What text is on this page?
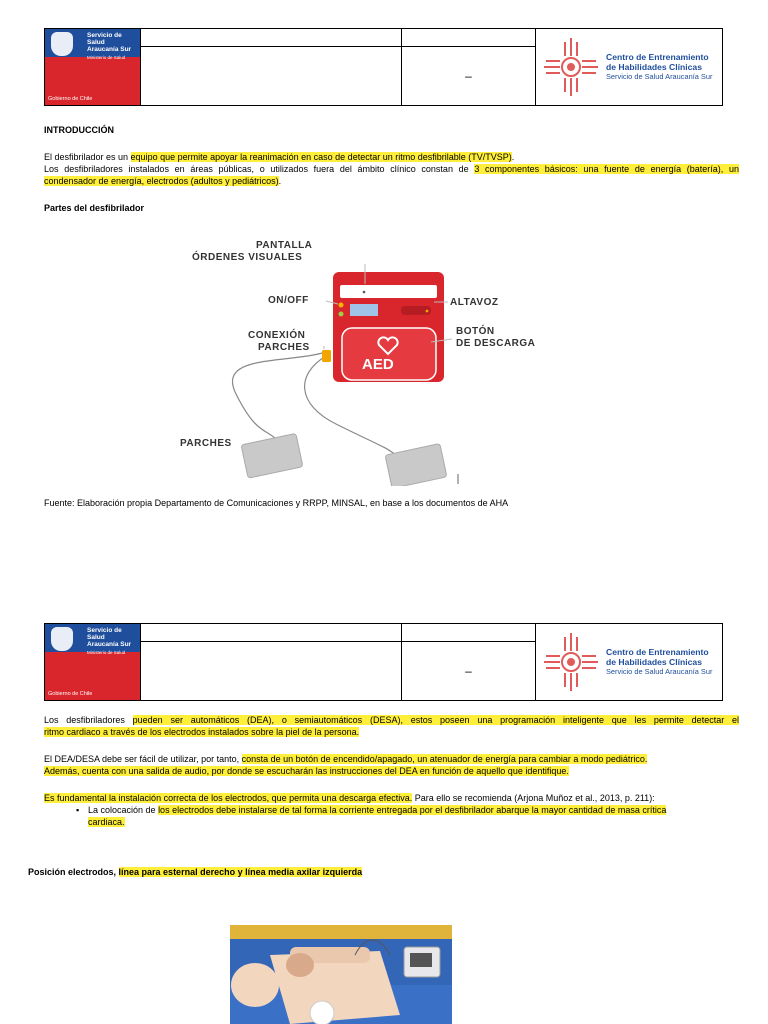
Servicio de
Salud
Araucanía Sur
Ministerio de Salud
Gobierno de Chile
–
Centro de Entrenamiento
de Habilidades Clínicas
Servicio de Salud Araucanía Sur
INTRODUCCIÓN
El desfibrilador es un equipo que permite apoyar la reanimación en caso de detectar un ritmo desfibrilable (TV/TVSP).
Los desfibriladores instalados en áreas públicas, o utilizados fuera del ámbito clínico constan de 3 componentes básicos: una fuente de energía (batería), un
condensador de energía, electrodos (adultos y pediátricos).
Partes del desfibrilador
PANTALLA
ÓRDENES VISUALES
ON/OFF	ALTAVOZ
CONEXIÓN
PARCHES
BOTÓN
DE DESCARGA
AED
PARCHES
Fuente: Elaboración propia Departamento de Comunicaciones y RRPP, MINSAL, en base a los documentos de AHA
Servicio de
Salud
Araucanía Sur
Ministerio de Salud
Gobierno de Chile
–
Centro de Entrenamiento
de Habilidades Clínicas
Servicio de Salud Araucanía Sur
Los desfibriladores pueden ser automáticos (DEA), o semiautomáticos (DESA), estos poseen una programación inteligente que les permite detectar el
ritmo cardiaco a través de los electrodos instalados sobre la piel de la persona.
El DEA/DESA debe ser fácil de utilizar, por tanto, consta de un botón de encendido/apagado, un atenuador de energía para cambiar a modo pediátrico.
Además, cuenta con una salida de audio, por donde se escucharán las instrucciones del DEA en función de aquello que identifique.
Es fundamental la instalación correcta de los electrodos, que permita una descarga efectiva. Para ello se recomienda (Arjona Muñoz et al., 2013, p. 211):
▪ La colocación de los electrodos debe instalarse de tal forma la corriente entregada por el desfibrilador abarque la mayor cantidad de masa crítica
cardiaca.
Posición electrodos, línea para esternal derecho y línea media axilar izquierda
